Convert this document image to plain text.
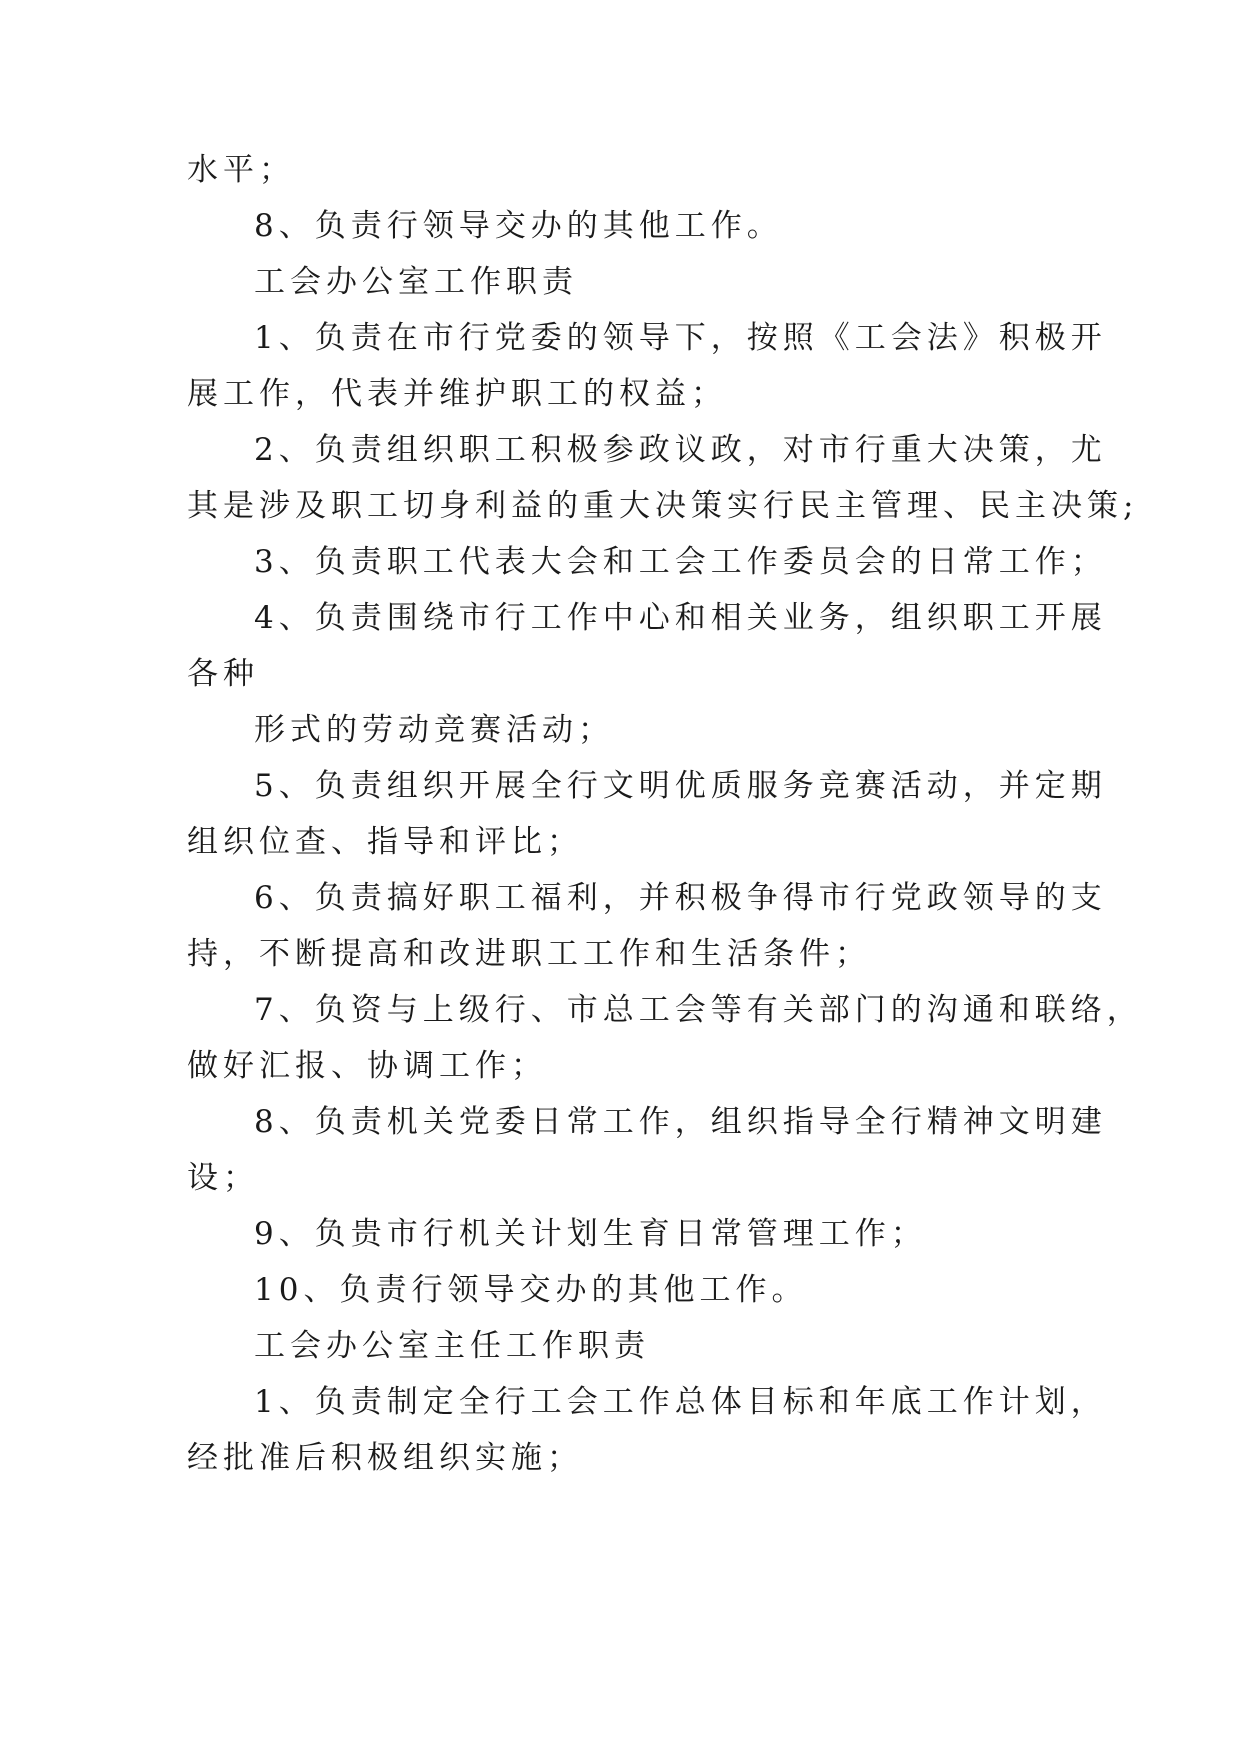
水平；
8、负责行领导交办的其他工作。
工会办公室工作职责
1、负责在市行党委的领导下，按照《工会法》积极开
展工作，代表并维护职工的权益；
2、负责组织职工积极参政议政，对市行重大决策，尤
其是涉及职工切身利益的重大决策实行民主管理、民主决策;
3、负责职工代表大会和工会工作委员会的日常工作；
4、负责围绕市行工作中心和相关业务，组织职工开展
各种
形式的劳动竞赛活动；
5、负责组织开展全行文明优质服务竞赛活动，并定期
组织位查、指导和评比；
6、负责搞好职工福利，并积极争得市行党政领导的支
持，不断提高和改进职工工作和生活条件；
7、负资与上级行、市总工会等有关部门的沟通和联络，
做好汇报、协调工作；
8、负责机关党委日常工作，组织指导全行精神文明建
设；
9、负贵市行机关计划生育日常管理工作；
10、负责行领导交办的其他工作。
工会办公室主任工作职责
1、负责制定全行工会工作总体目标和年底工作计划，
经批准后积极组织实施；
